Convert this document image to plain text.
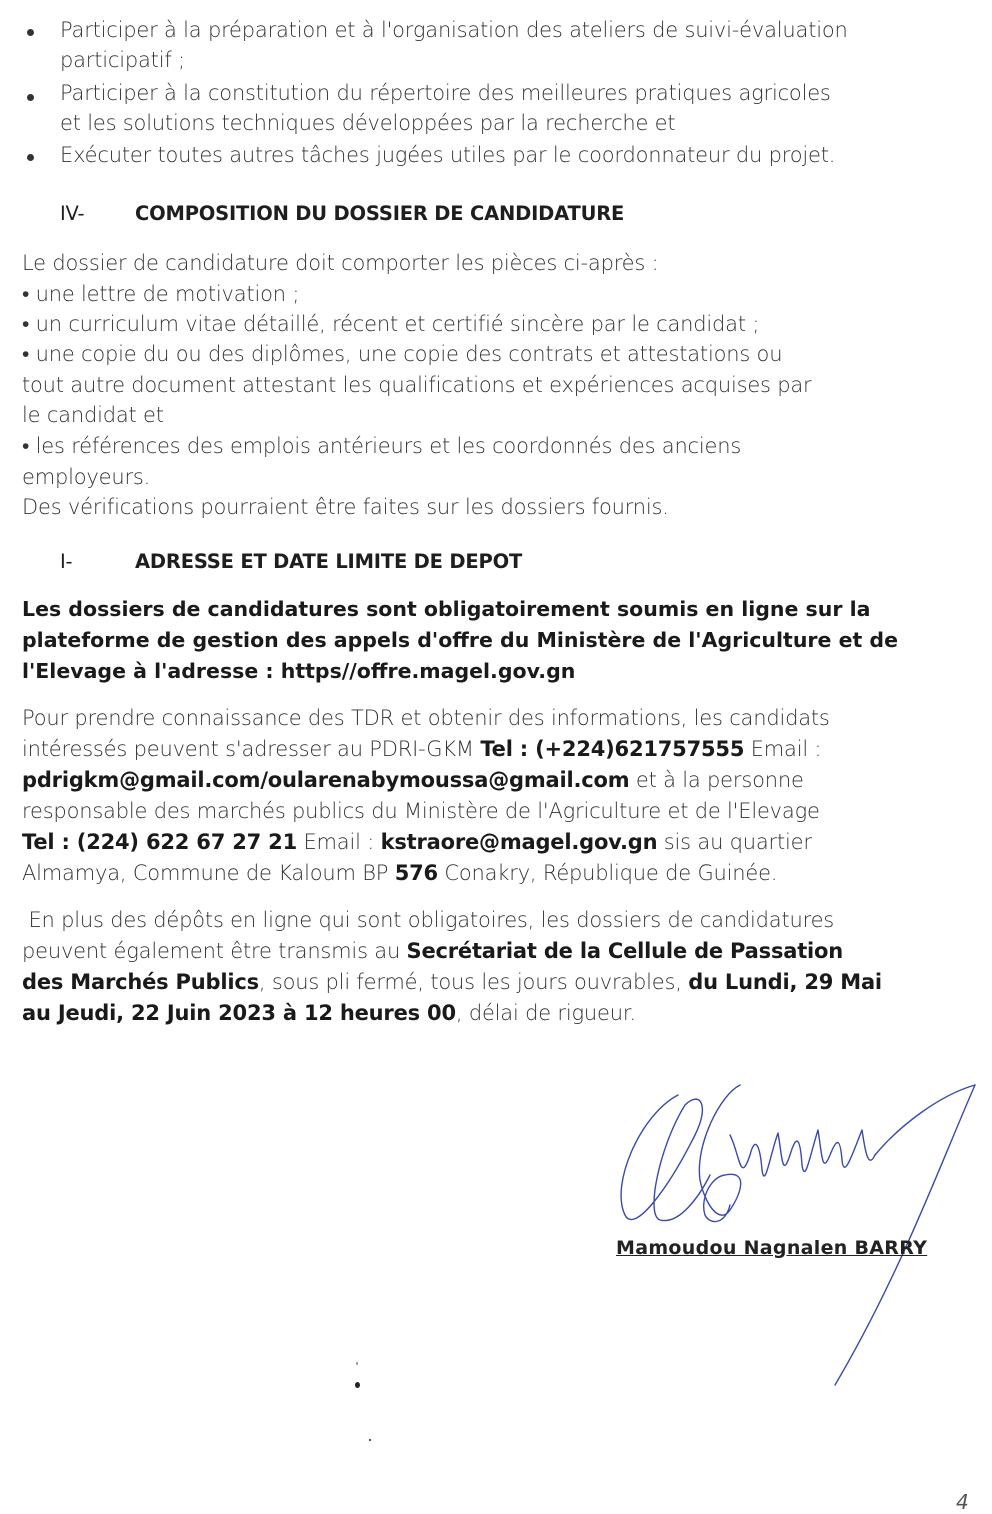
Participer à la préparation et à l'organisation des ateliers de suivi-évaluation
participatif ;
Participer à la constitution du répertoire des meilleures pratiques agricoles
et les solutions techniques développées par la recherche et
Exécuter toutes autres tâches jugées utiles par le coordonnateur du projet.
IV-	COMPOSITION DU DOSSIER DE CANDIDATURE
Le dossier de candidature doit comporter les pièces ci-après :
• une lettre de motivation ;
• un curriculum vitae détaillé, récent et certifié sincère par le candidat ;
• une copie du ou des diplômes, une copie des contrats et attestations ou
tout autre document attestant les qualifications et expériences acquises par
le candidat et
• les références des emplois antérieurs et les coordonnés des anciens
employeurs.
Des vérifications pourraient être faites sur les dossiers fournis.
I-	ADRESSE ET DATE LIMITE DE DEPOT
Les dossiers de candidatures sont obligatoirement soumis en ligne sur la
plateforme de gestion des appels d'offre du Ministère de l'Agriculture et de
l'Elevage à l'adresse : https//offre.magel.gov.gn
Pour prendre connaissance des TDR et obtenir des informations, les candidats
intéressés peuvent s'adresser au PDRI-GKM Tel : (+224)621757555 Email :
pdrigkm@gmail.com/oularenabymoussa@gmail.com et à la personne
responsable des marchés publics du Ministère de l'Agriculture et de l'Elevage
Tel : (224) 622 67 27 21 Email : kstraore@magel.gov.gn sis au quartier
Almamya, Commune de Kaloum BP 576 Conakry, République de Guinée.
En plus des dépôts en ligne qui sont obligatoires, les dossiers de candidatures
peuvent également être transmis au Secrétariat de la Cellule de Passation
des Marchés Publics, sous pli fermé, tous les jours ouvrables, du Lundi, 29 Mai
au Jeudi, 22 Juin 2023 à 12 heures 00, délai de rigueur.
Mamoudou Nagnalen BARRY
4
